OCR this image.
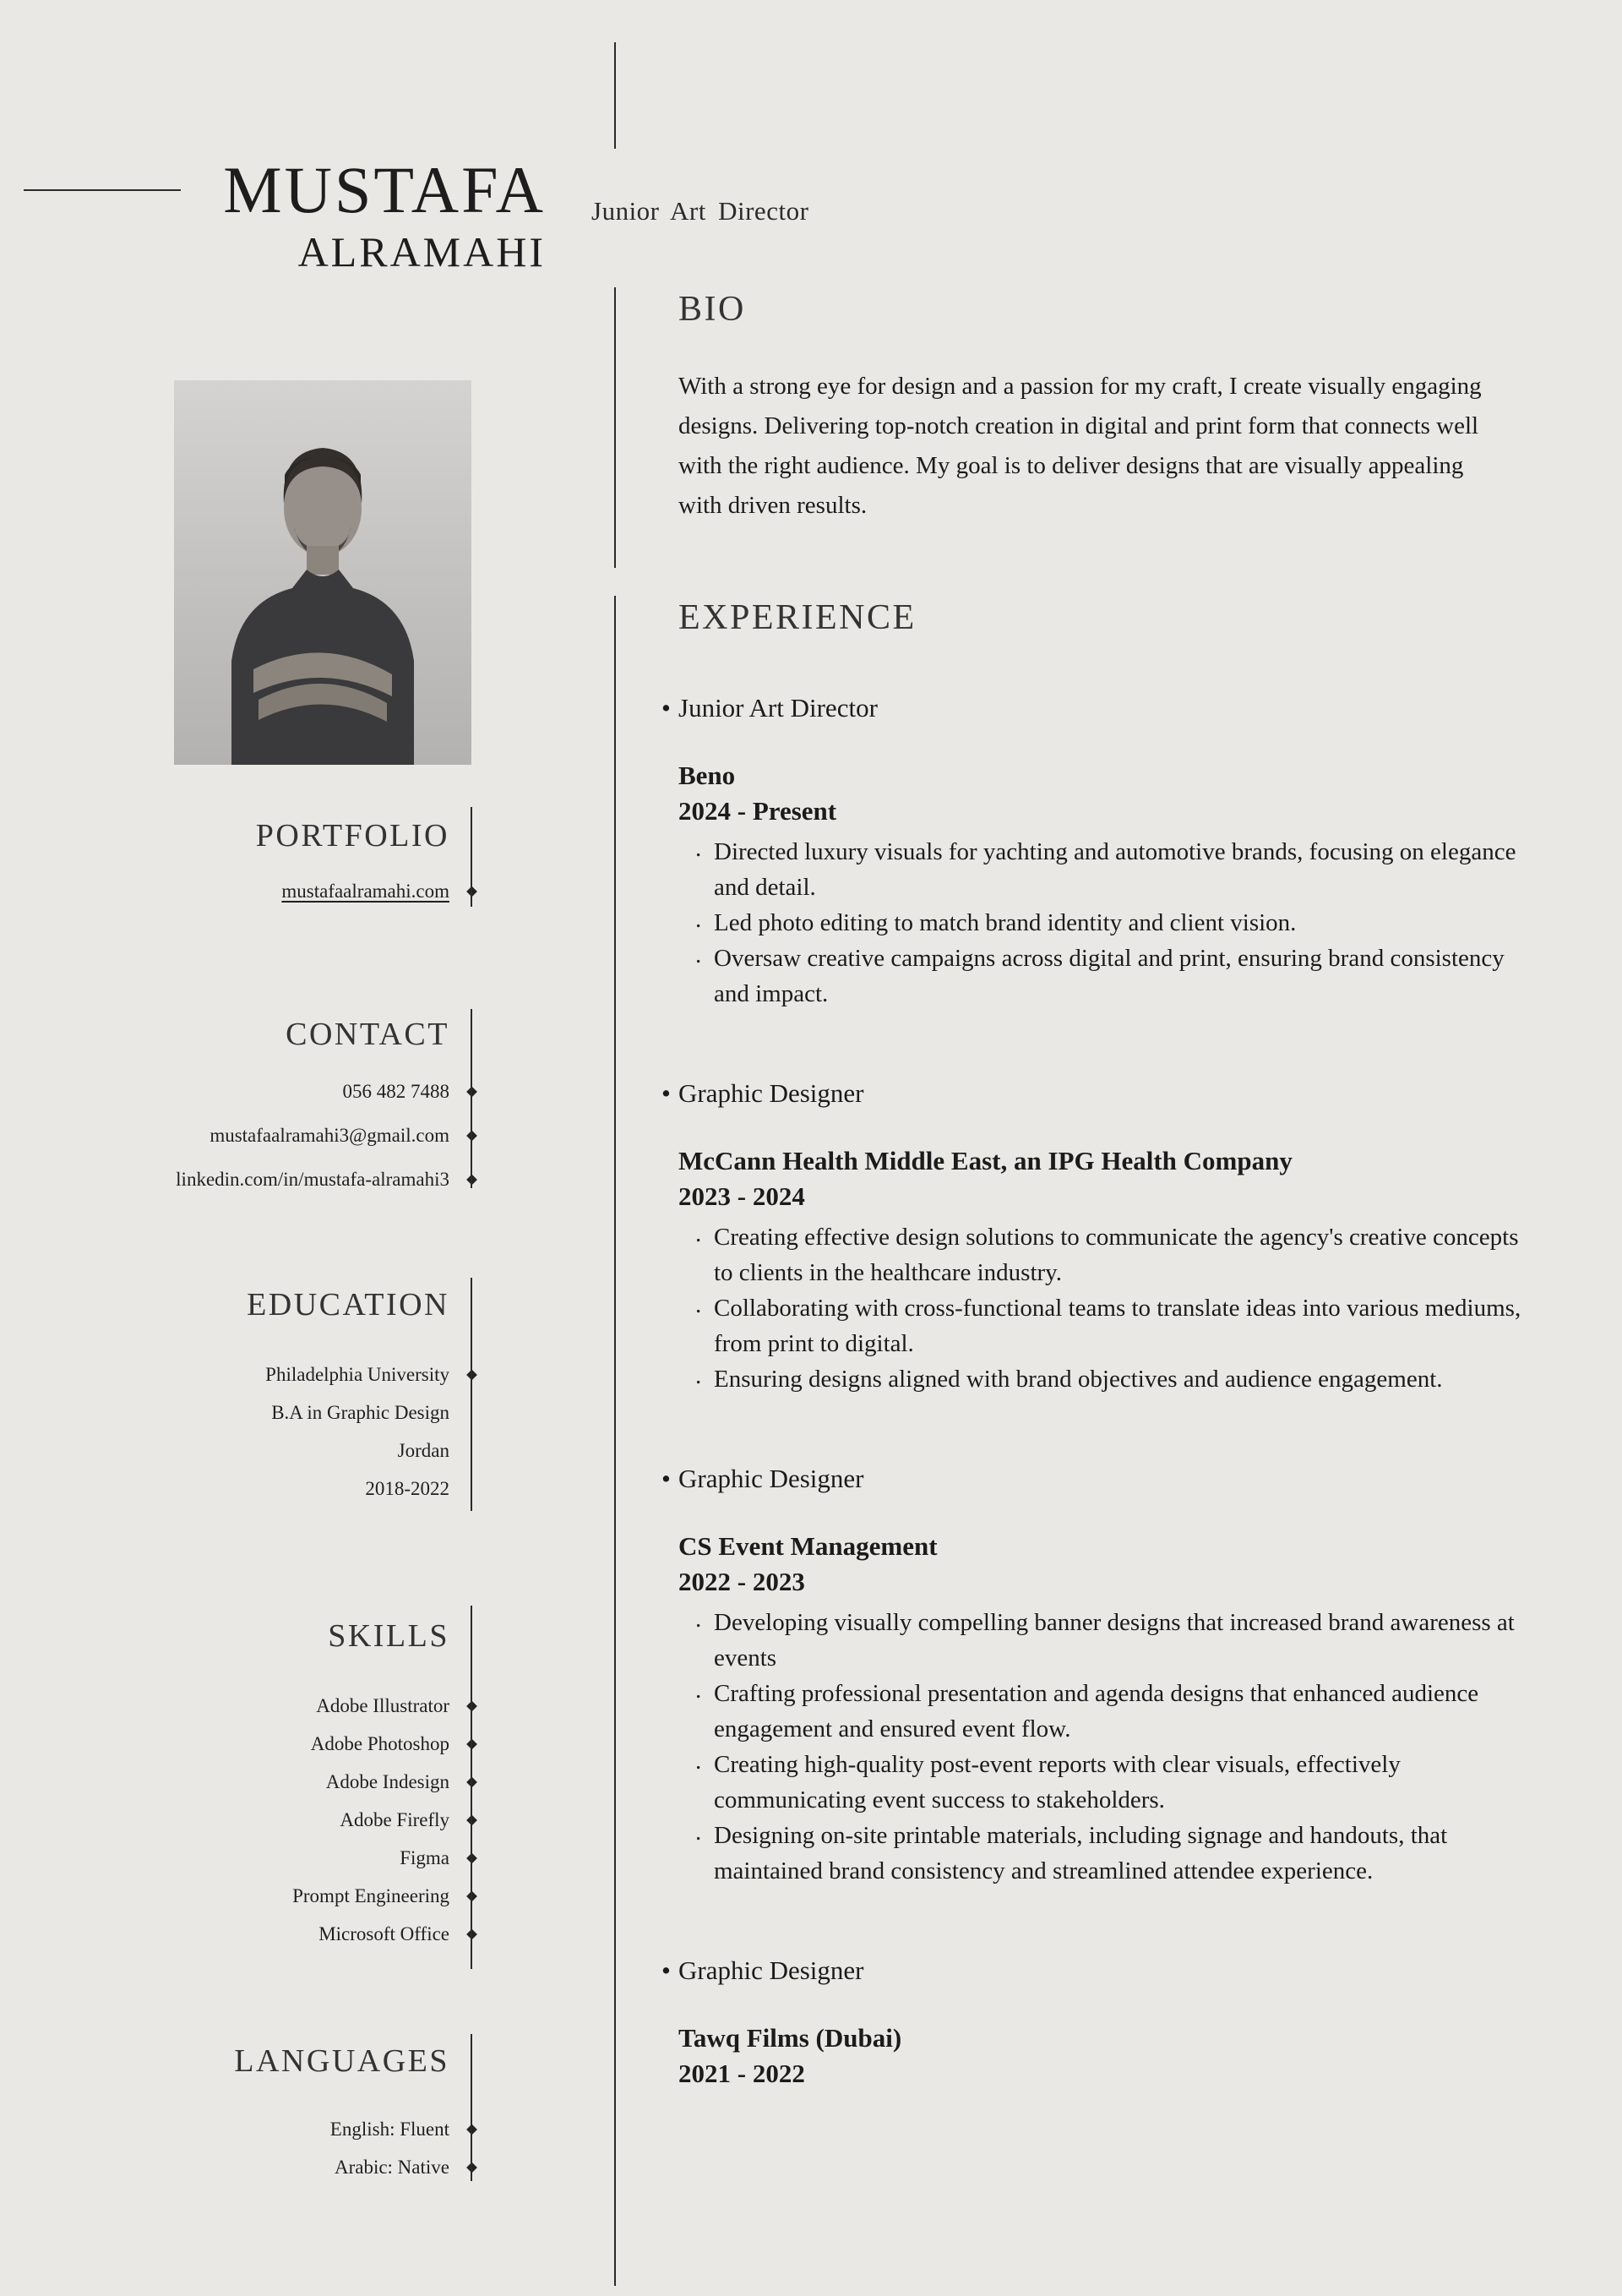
MUSTAFA
ALRAMAHI
Junior Art Director
PORTFOLIO
mustafaalramahi.com
CONTACT
056 482 7488
mustafaalramahi3@gmail.com
linkedin.com/in/mustafa-alramahi3
EDUCATION
Philadelphia University
B.A in Graphic Design
Jordan
2018-2022
SKILLS
Adobe Illustrator
Adobe Photoshop
Adobe Indesign
Adobe Firefly
Figma
Prompt Engineering
Microsoft Office
LANGUAGES
English: Fluent
Arabic: Native
BIO

With a strong eye for design and a passion for my craft, I create visually engaging designs. Delivering top-notch creation in digital and print form that connects well with the right audience. My goal is to deliver designs that are visually appealing with driven results.

EXPERIENCE
• Junior Art Director
Beno
2024 - Present
. Directed luxury visuals for yachting and automotive brands, focusing on elegance and detail.
. Led photo editing to match brand identity and client vision.
. Oversaw creative campaigns across digital and print, ensuring brand consistency and impact.
• Graphic Designer
McCann Health Middle East, an IPG Health Company
2023 - 2024
. Creating effective design solutions to communicate the agency's creative concepts to clients in the healthcare industry.
. Collaborating with cross-functional teams to translate ideas into various mediums, from print to digital.
. Ensuring designs aligned with brand objectives and audience engagement.
• Graphic Designer
CS Event Management
2022 - 2023
. Developing visually compelling banner designs that increased brand awareness at events
. Crafting professional presentation and agenda designs that enhanced audience engagement and ensured event flow.
. Creating high-quality post-event reports with clear visuals, effectively communicating event success to stakeholders.
. Designing on-site printable materials, including signage and handouts, that maintained brand consistency and streamlined attendee experience.
• Graphic Designer
Tawq Films (Dubai)
2021 - 2022
